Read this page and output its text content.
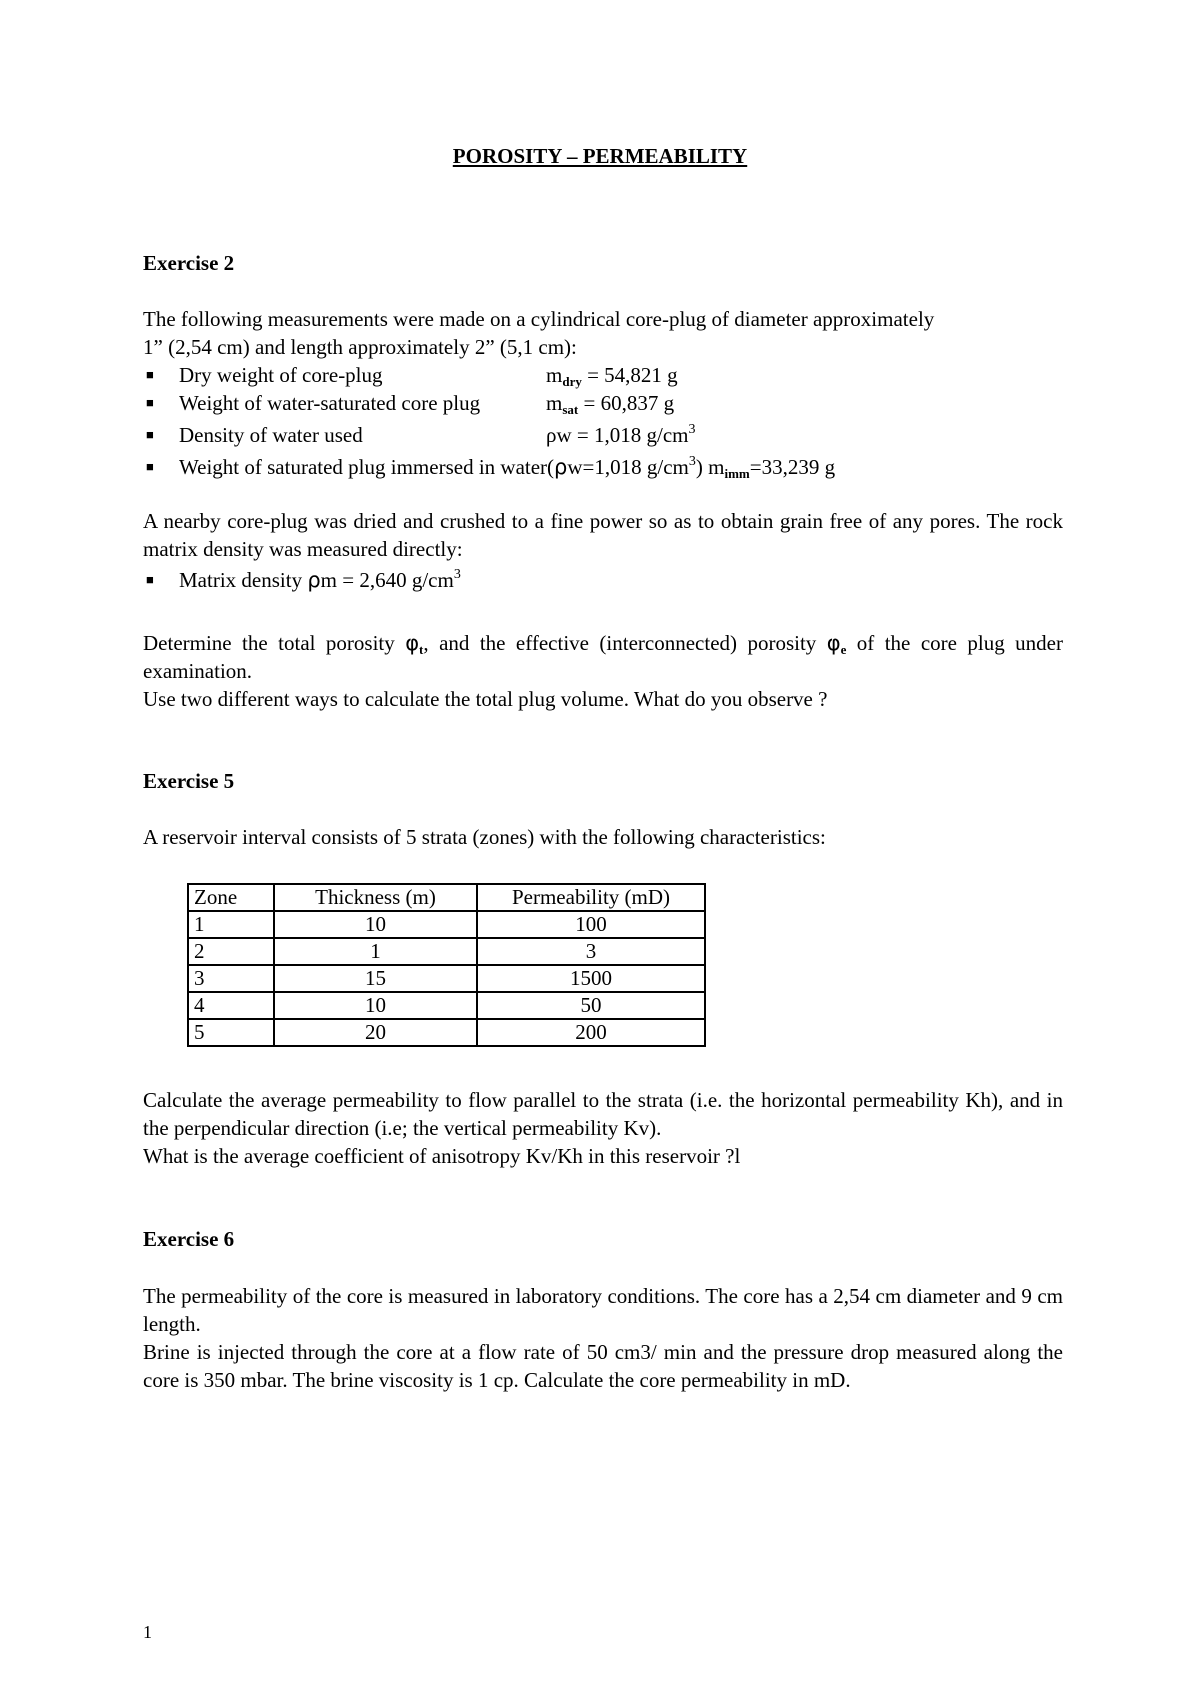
POROSITY – PERMEABILITY

Exercise 2

The following measurements were made on a cylindrical core-plug of diameter approximately

1” (2,54 cm) and length approximately 2” (5,1 cm):

■ Dry weight of core-plug	$m_{dry} = 54,821$ g
■ Weight of water-saturated core plug	$m_{sat} = 60,837$ g
■ Density of water used	ρw = 1,018 $g/cm^3$
■ Weight of saturated plug immersed in water(ρw=1,018 $g/cm^3$) $m_{imm}=33,239$ g
A nearby core-plug was dried and crushed to a fine power so as to obtain grain free of any pores. The rock matrix density was measured directly:
■ Matrix density ρm = 2,640 $g/cm^3$
Determine the total porosity $\varphi_t$, and the effective (interconnected) porosity $\varphi_e$ of the core plug under examination.
Use two different ways to calculate the total plug volume. What do you observe ?

Exercise 5

A reservoir interval consists of 5 strata (zones) with the following characteristics:

Zone	Thickness (m)	Permeability (mD)
1	10	100
2	1	3
3	15	1500
4	10	50
5	20	200
Calculate the average permeability to flow parallel to the strata (i.e. the horizontal permeability Kh), and in the perpendicular direction (i.e; the vertical permeability Kv).
What is the average coefficient of anisotropy Kv/Kh in this reservoir ?l

Exercise 6

The permeability of the core is measured in laboratory conditions. The core has a 2,54 cm diameter and 9 cm length.
Brine is injected through the core at a flow rate of 50 cm3/ min and the pressure drop measured along the core is 350 mbar. The brine viscosity is 1 cp. Calculate the core permeability in mD.
1
